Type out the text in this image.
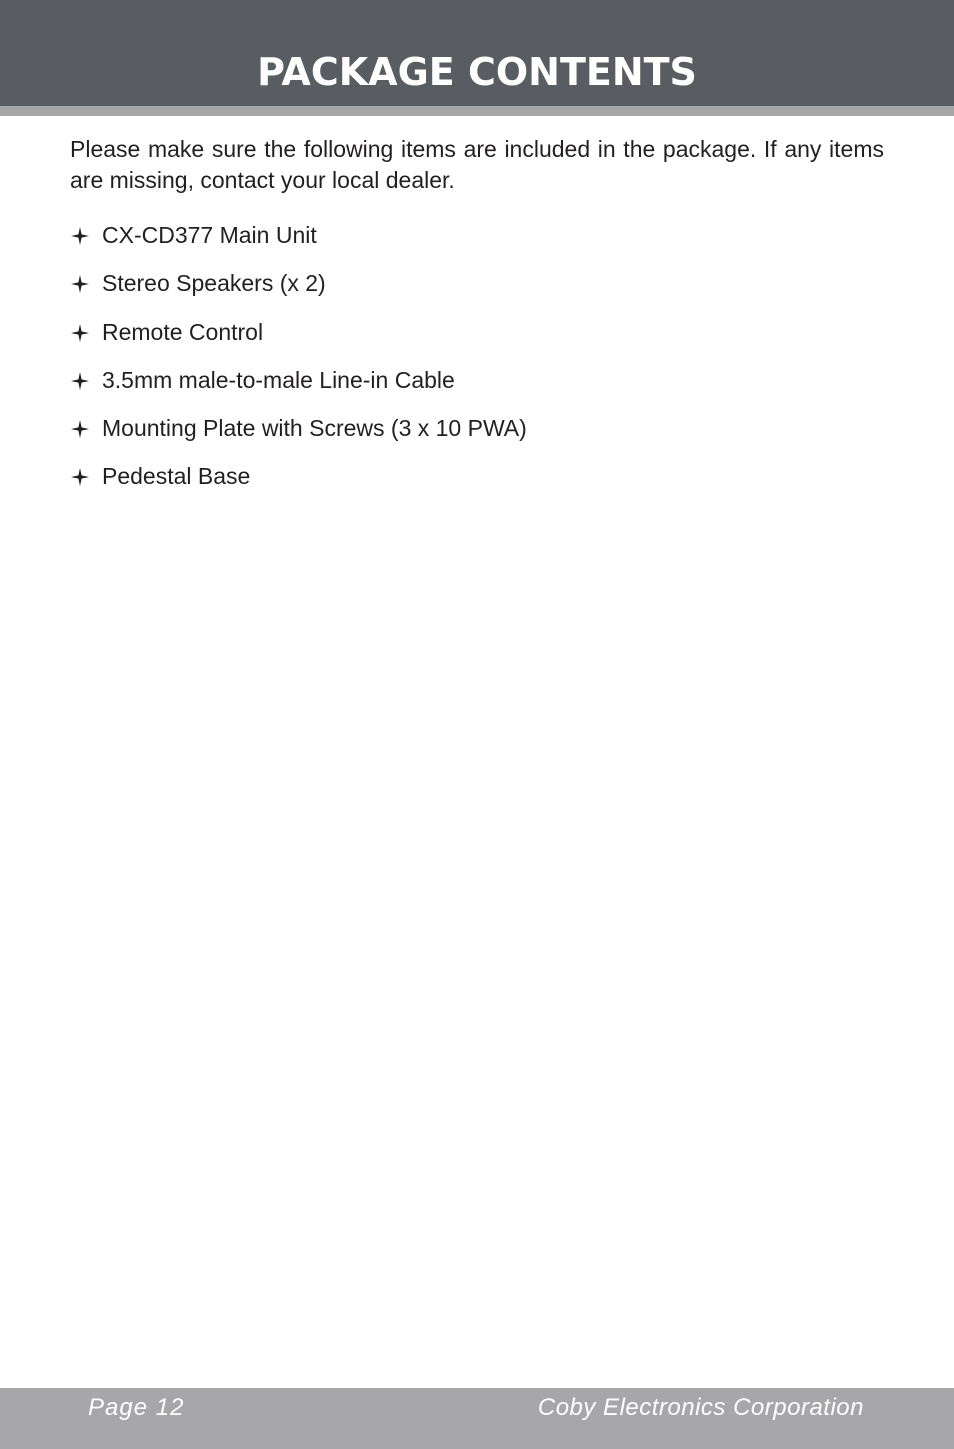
PACKAGE CONTENTS

Please make sure the following items are included in the package. If any items are missing, contact your local dealer.

CX-CD377 Main Unit
Stereo Speakers (x 2)
Remote Control
3.5mm male-to-male Line-in Cable
Mounting Plate with Screws (3 x 10 PWA)
Pedestal Base
Page 12	Coby Electronics Corporation
